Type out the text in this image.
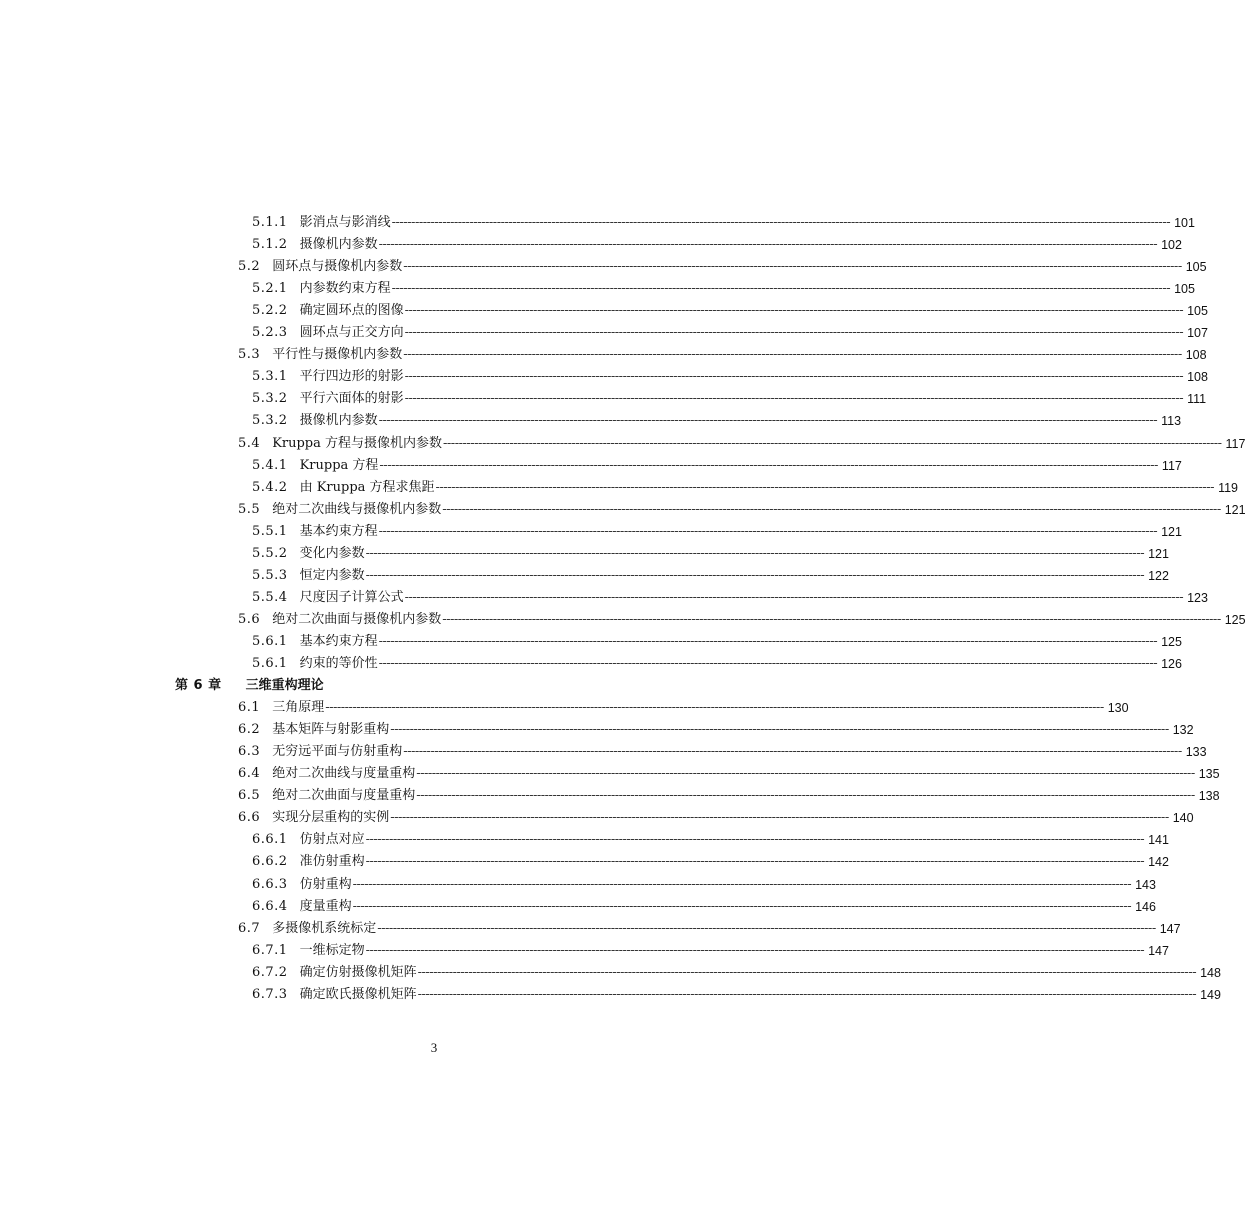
5.1.1 影消点与影消线 -------------------------------------------------------------------------------------------------------------------------------------------------------------------------------------------------------- 101
5.1.2 摄像机内参数 -------------------------------------------------------------------------------------------------------------------------------------------------------------------------------------------------------- 102
5.2 圆环点与摄像机内参数 -------------------------------------------------------------------------------------------------------------------------------------------------------------------------------------------------------- 105
5.2.1 内参数约束方程 -------------------------------------------------------------------------------------------------------------------------------------------------------------------------------------------------------- 105
5.2.2 确定圆环点的图像 -------------------------------------------------------------------------------------------------------------------------------------------------------------------------------------------------------- 105
5.2.3 圆环点与正交方向 -------------------------------------------------------------------------------------------------------------------------------------------------------------------------------------------------------- 107
5.3 平行性与摄像机内参数 -------------------------------------------------------------------------------------------------------------------------------------------------------------------------------------------------------- 108
5.3.1 平行四边形的射影 -------------------------------------------------------------------------------------------------------------------------------------------------------------------------------------------------------- 108
5.3.2 平行六面体的射影 -------------------------------------------------------------------------------------------------------------------------------------------------------------------------------------------------------- 111
5.3.2 摄像机内参数 -------------------------------------------------------------------------------------------------------------------------------------------------------------------------------------------------------- 113
5.4 Kruppa 方程与摄像机内参数 -------------------------------------------------------------------------------------------------------------------------------------------------------------------------------------------------------- 117
5.4.1 Kruppa 方程 -------------------------------------------------------------------------------------------------------------------------------------------------------------------------------------------------------- 117
5.4.2 由 Kruppa 方程求焦距 -------------------------------------------------------------------------------------------------------------------------------------------------------------------------------------------------------- 119
5.5 绝对二次曲线与摄像机内参数 -------------------------------------------------------------------------------------------------------------------------------------------------------------------------------------------------------- 121
5.5.1 基本约束方程 -------------------------------------------------------------------------------------------------------------------------------------------------------------------------------------------------------- 121
5.5.2 变化内参数 -------------------------------------------------------------------------------------------------------------------------------------------------------------------------------------------------------- 121
5.5.3 恒定内参数 -------------------------------------------------------------------------------------------------------------------------------------------------------------------------------------------------------- 122
5.5.4 尺度因子计算公式 -------------------------------------------------------------------------------------------------------------------------------------------------------------------------------------------------------- 123
5.6 绝对二次曲面与摄像机内参数 -------------------------------------------------------------------------------------------------------------------------------------------------------------------------------------------------------- 125
5.6.1 基本约束方程 -------------------------------------------------------------------------------------------------------------------------------------------------------------------------------------------------------- 125
5.6.1 约束的等价性 -------------------------------------------------------------------------------------------------------------------------------------------------------------------------------------------------------- 126
第 6 章 三维重构理论
6.1 三角原理 -------------------------------------------------------------------------------------------------------------------------------------------------------------------------------------------------------- 130
6.2 基本矩阵与射影重构 -------------------------------------------------------------------------------------------------------------------------------------------------------------------------------------------------------- 132
6.3 无穷远平面与仿射重构 -------------------------------------------------------------------------------------------------------------------------------------------------------------------------------------------------------- 133
6.4 绝对二次曲线与度量重构 -------------------------------------------------------------------------------------------------------------------------------------------------------------------------------------------------------- 135
6.5 绝对二次曲面与度量重构 -------------------------------------------------------------------------------------------------------------------------------------------------------------------------------------------------------- 138
6.6 实现分层重构的实例 -------------------------------------------------------------------------------------------------------------------------------------------------------------------------------------------------------- 140
6.6.1 仿射点对应 -------------------------------------------------------------------------------------------------------------------------------------------------------------------------------------------------------- 141
6.6.2 准仿射重构 -------------------------------------------------------------------------------------------------------------------------------------------------------------------------------------------------------- 142
6.6.3 仿射重构 -------------------------------------------------------------------------------------------------------------------------------------------------------------------------------------------------------- 143
6.6.4 度量重构 -------------------------------------------------------------------------------------------------------------------------------------------------------------------------------------------------------- 146
6.7 多摄像机系统标定 -------------------------------------------------------------------------------------------------------------------------------------------------------------------------------------------------------- 147
6.7.1 一维标定物 -------------------------------------------------------------------------------------------------------------------------------------------------------------------------------------------------------- 147
6.7.2 确定仿射摄像机矩阵 -------------------------------------------------------------------------------------------------------------------------------------------------------------------------------------------------------- 148
6.7.3 确定欧氏摄像机矩阵 -------------------------------------------------------------------------------------------------------------------------------------------------------------------------------------------------------- 149
3
